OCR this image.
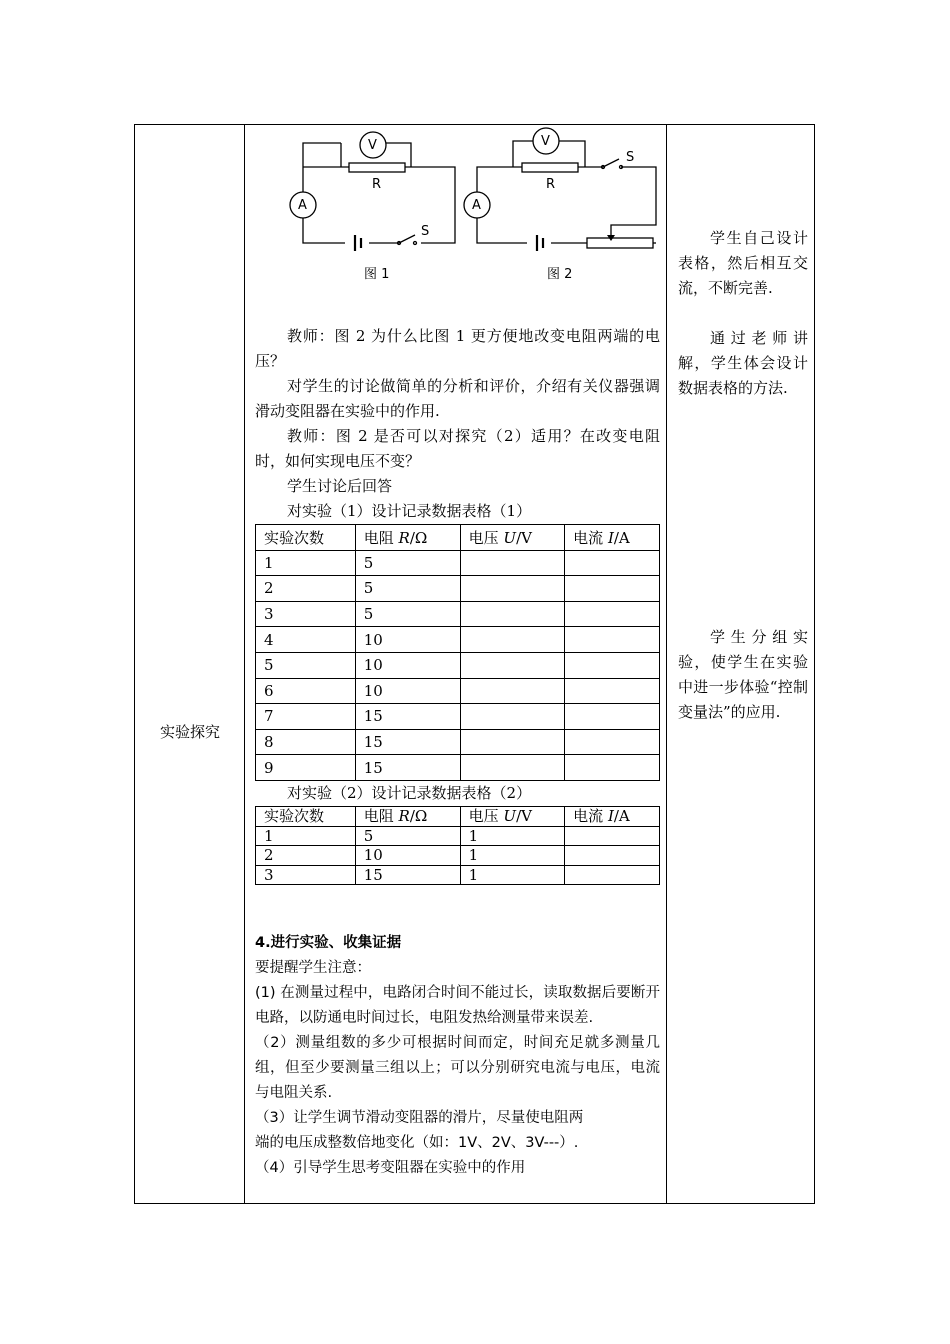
实验探究
A
V
R
S
图 1
A
V
R
S
图 2

教师：图 2 为什么比图 1 更方便地改变电阻两端的电压？

对学生的讨论做简单的分析和评价，介绍有关仪器强调滑动变阻器在实验中的作用.

教师：图 2 是否可以对探究（2）适用？在改变电阻时，如何实现电压不变？

学生讨论后回答

对实验（1）设计记录数据表格（1）

实验次数	电阻 R/Ω	电压 U/V	电流 I/A
1	5		
2	5		
3	5		
4	10		
5	10		
6	10		
7	15		
8	15		
9	15		

对实验（2）设计记录数据表格（2）

实验次数	电阻 R/Ω	电压 U/V	电流 I/A
1	5	1	
2	10	1	
3	15	1	

4.进行实验、收集证据

要提醒学生注意：

(1) 在测量过程中，电路闭合时间不能过长，读取数据后要断开电路，以防通电时间过长，电阻发热给测量带来误差.

（2）测量组数的多少可根据时间而定，时间充足就多测量几组，但至少要测量三组以上；可以分别研究电流与电压，电流与电阻关系.

（3）让学生调节滑动变阻器的滑片，尽量使电阻两

端的电压成整数倍地变化（如：1V、2V、3V---）.

（4）引导学生思考变阻器在实验中的作用

学生自己设计表格，然后相互交流，不断完善.

通过老师讲解，学生体会设计数据表格的方法.

学生分组实验，使学生在实验中进一步体验“控制变量法”的应用.
